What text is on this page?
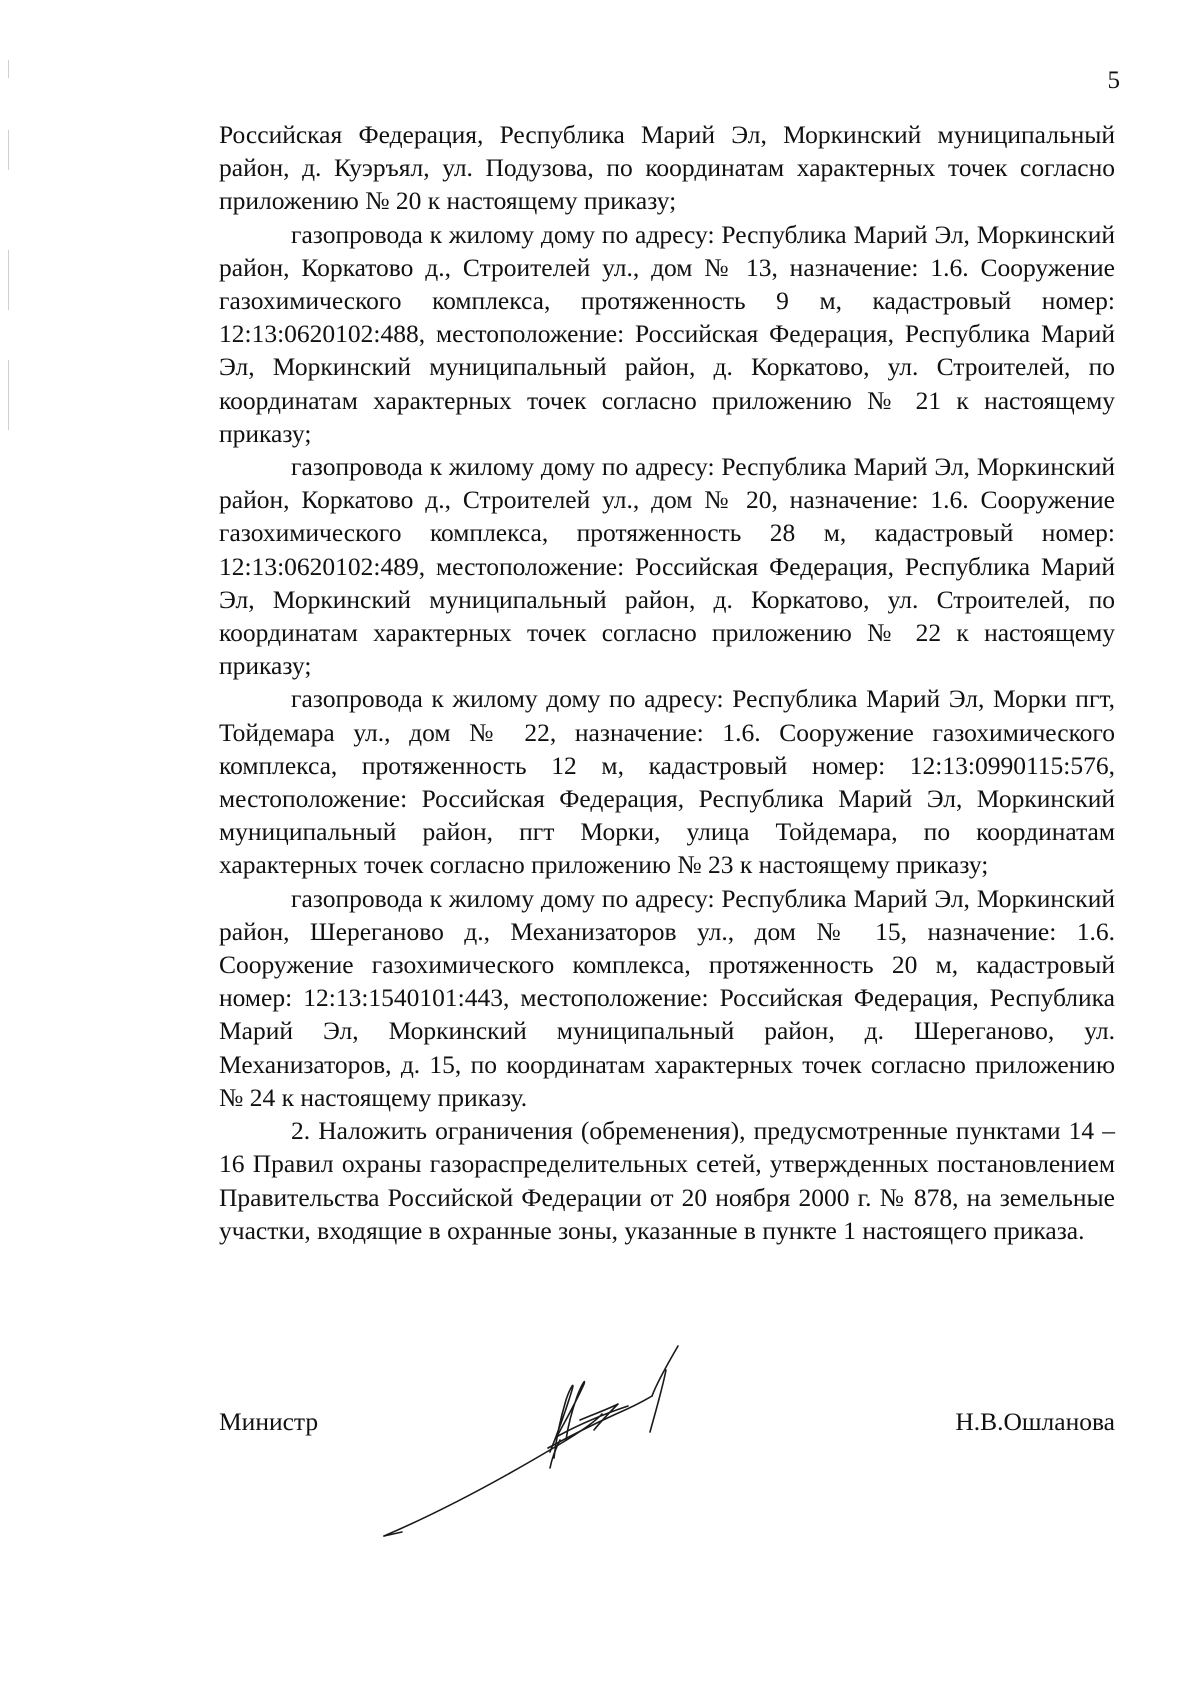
5

Российская Федерация, Республика Марий Эл, Моркинский муниципальный район, д. Куэръял, ул. Подузова, по координатам характерных точек согласно приложению № 20 к настоящему приказу;

газопровода к жилому дому по адресу: Республика Марий Эл, Моркинский район, Коркатово д., Строителей ул., дом № 13, назначение: 1.6. Сооружение газохимического комплекса, протяженность 9 м, кадастровый номер: 12:13:0620102:488, местоположение: Российская Федерация, Республика Марий Эл, Моркинский муниципальный район, д. Коркатово, ул. Строителей, по координатам характерных точек согласно приложению № 21 к настоящему приказу;

газопровода к жилому дому по адресу: Республика Марий Эл, Моркинский район, Коркатово д., Строителей ул., дом № 20, назначение: 1.6. Сооружение газохимического комплекса, протяженность 28 м, кадастровый номер: 12:13:0620102:489, местоположение: Российская Федерация, Республика Марий Эл, Моркинский муниципальный район, д. Коркатово, ул. Строителей, по координатам характерных точек согласно приложению № 22 к настоящему приказу;

газопровода к жилому дому по адресу: Республика Марий Эл, Морки пгт, Тойдемара ул., дом № 22, назначение: 1.6. Сооружение газохимического комплекса, протяженность 12 м, кадастровый номер: 12:13:0990115:576, местоположение: Российская Федерация, Республика Марий Эл, Моркинский муниципальный район, пгт Морки, улица Тойдемара, по координатам характерных точек согласно приложению № 23 к настоящему приказу;

газопровода к жилому дому по адресу: Республика Марий Эл, Моркинский район, Шереганово д., Механизаторов ул., дом № 15, назначение: 1.6. Сооружение газохимического комплекса, протяженность 20 м, кадастровый номер: 12:13:1540101:443, местоположение: Российская Федерация, Республика Марий Эл, Моркинский муниципальный район, д. Шереганово, ул. Механизаторов, д. 15, по координатам характерных точек согласно приложению № 24 к настоящему приказу.

2. Наложить ограничения (обременения), предусмотренные пунктами 14 – 16 Правил охраны газораспределительных сетей, утвержденных постановлением Правительства Российской Федерации от 20 ноября 2000 г. № 878, на земельные участки, входящие в охранные зоны, указанные в пункте 1 настоящего приказа.

Министр	Н.В.Ошланова
